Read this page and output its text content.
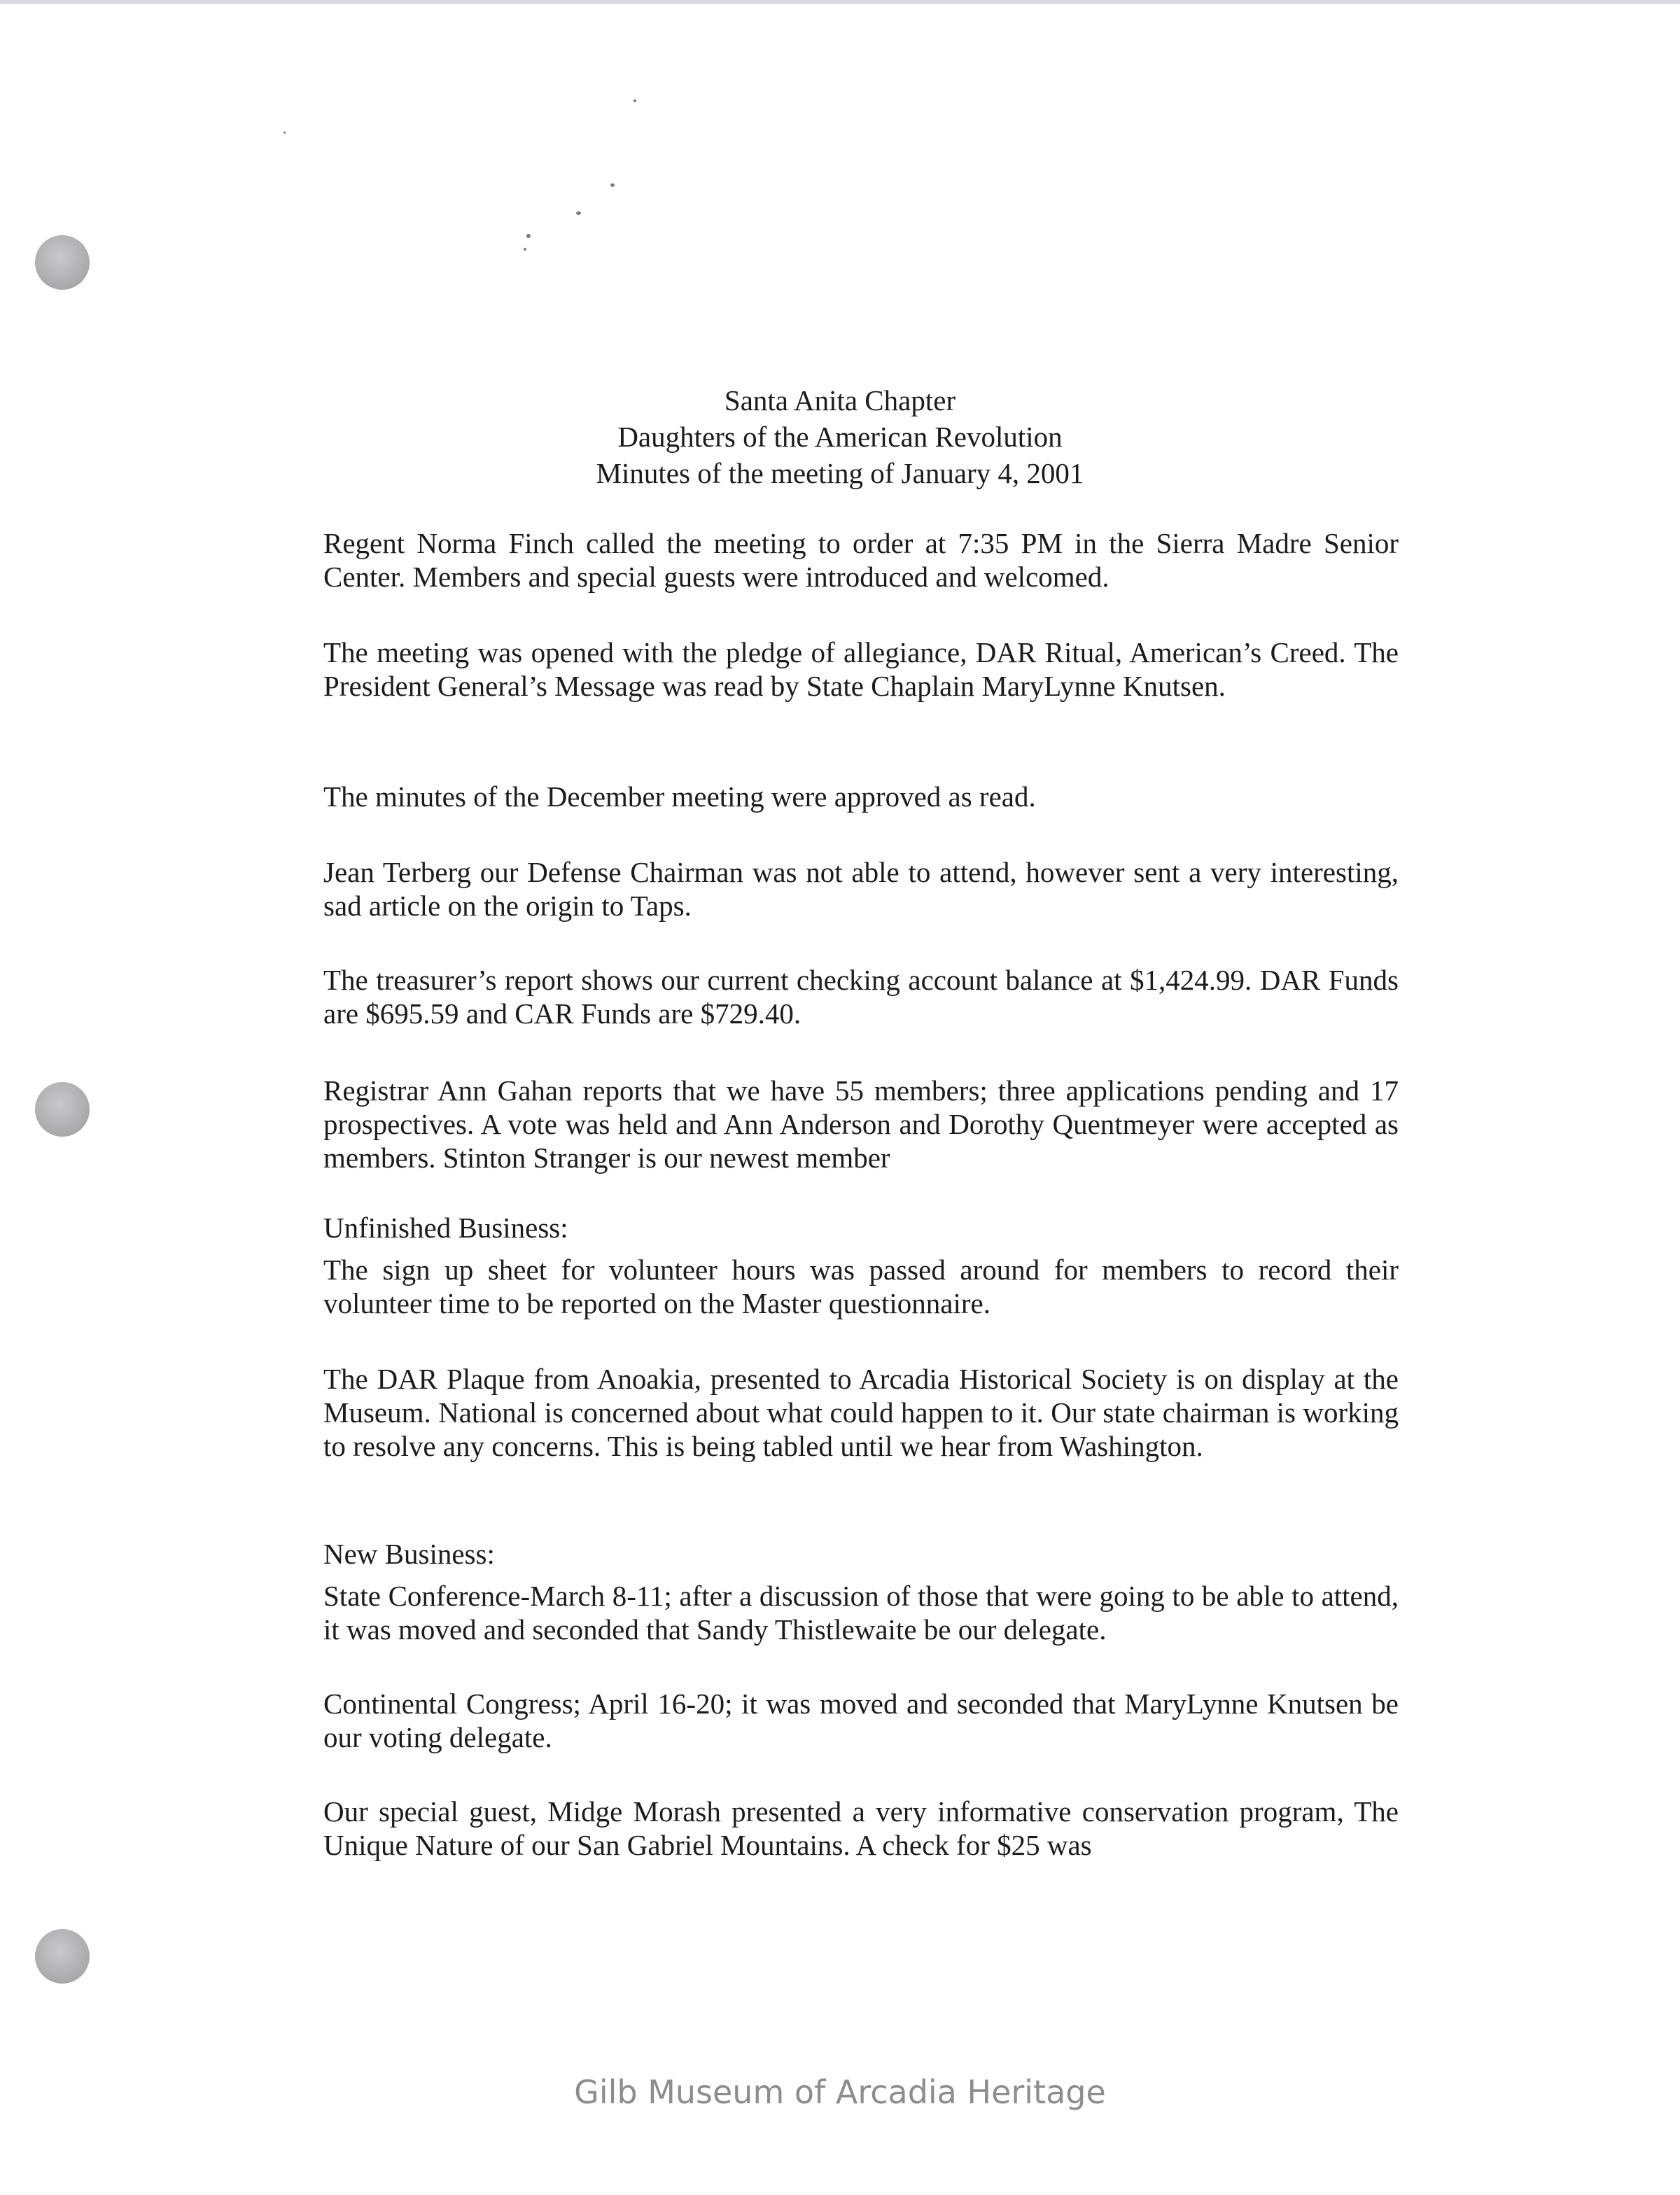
Santa Anita Chapter
Daughters of the American Revolution
Minutes of the meeting of January 4, 2001
Regent Norma Finch called the meeting to order at 7:35 PM in the Sierra Madre Senior Center. Members and special guests were introduced and welcomed.
The meeting was opened with the pledge of allegiance, DAR Ritual, American’s Creed. The President General’s Message was read by State Chaplain MaryLynne Knutsen.
The minutes of the December meeting were approved as read.
Jean Terberg our Defense Chairman was not able to attend, however sent a very interesting, sad article on the origin to Taps.
The treasurer’s report shows our current checking account balance at $1,424.99. DAR Funds are $695.59 and CAR Funds are $729.40.
Registrar Ann Gahan reports that we have 55 members; three applications pending and 17 prospectives. A vote was held and Ann Anderson and Dorothy Quentmeyer were accepted as members. Stinton Stranger is our newest member
Unfinished Business:
The sign up sheet for volunteer hours was passed around for members to record their volunteer time to be reported on the Master questionnaire.
The DAR Plaque from Anoakia, presented to Arcadia Historical Society is on display at the Museum. National is concerned about what could happen to it. Our state chairman is working to resolve any concerns. This is being tabled until we hear from Washington.
New Business:
State Conference-March 8-11; after a discussion of those that were going to be able to attend, it was moved and seconded that Sandy Thistlewaite be our delegate.
Continental Congress; April 16-20; it was moved and seconded that MaryLynne Knutsen be our voting delegate.
Our special guest, Midge Morash presented a very informative conservation program, The Unique Nature of our San Gabriel Mountains. A check for $25 was
Gilb Museum of Arcadia Heritage
